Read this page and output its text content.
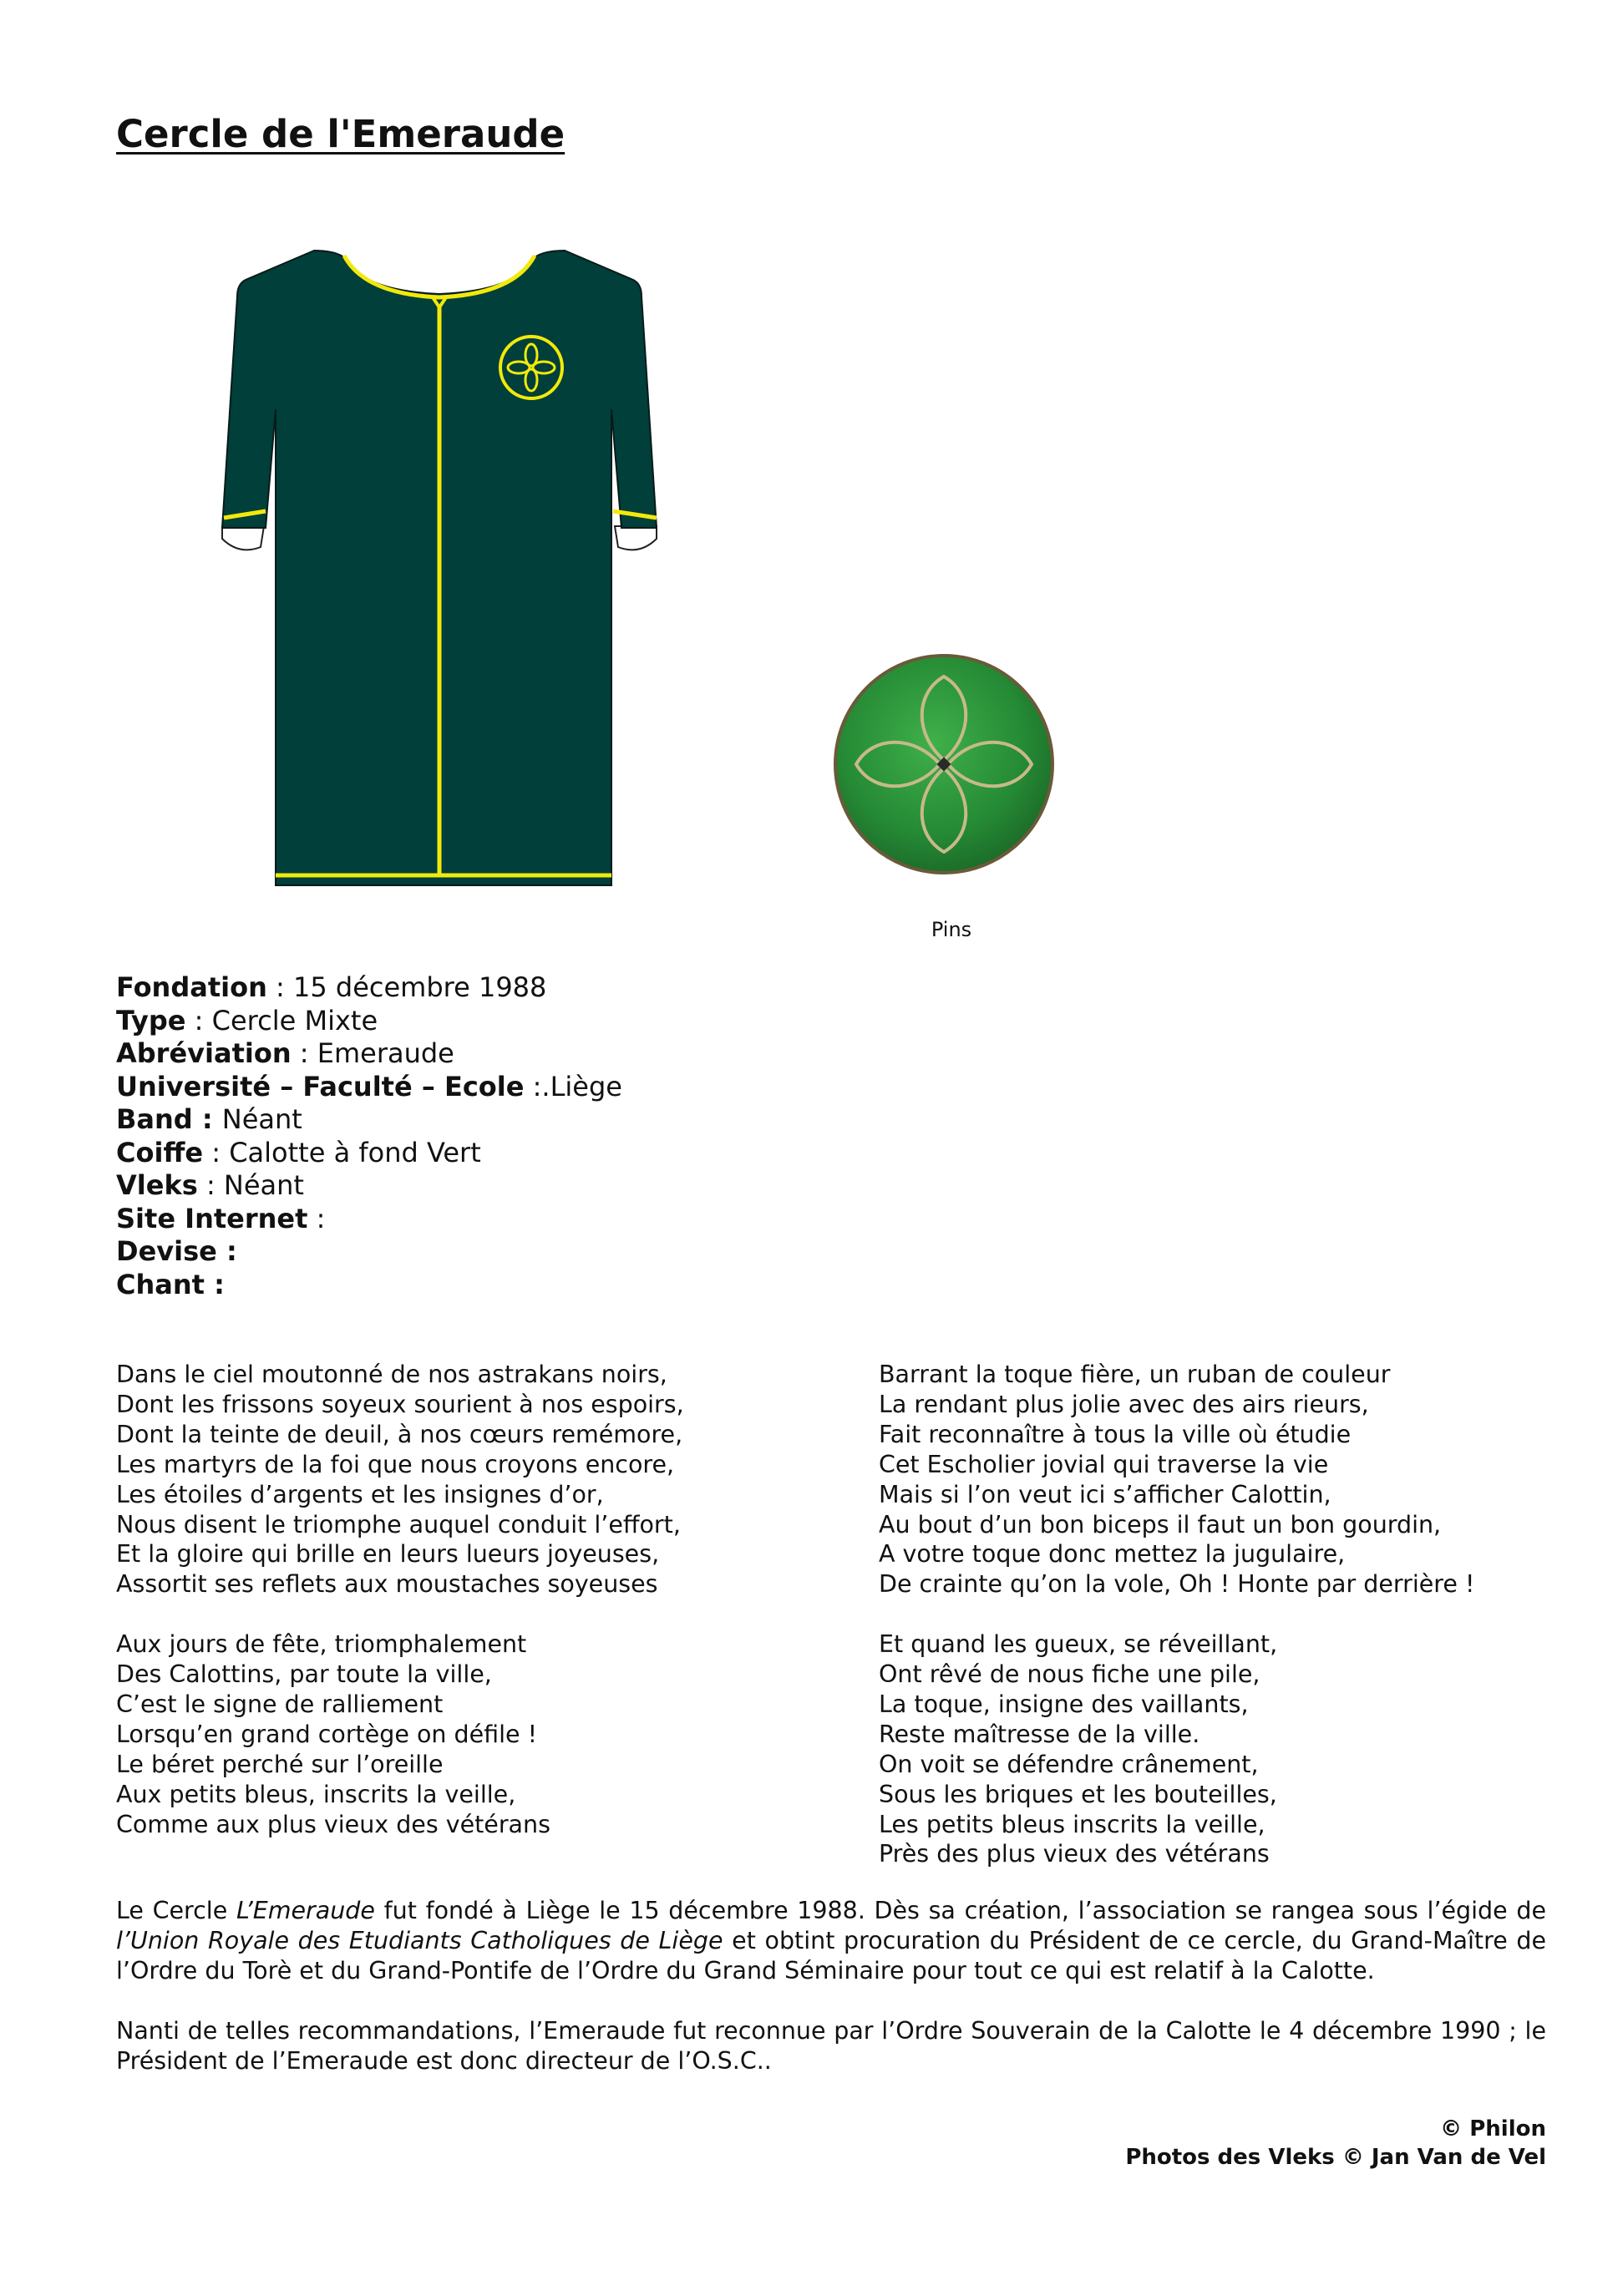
Cercle de l'Emeraude
Pins
Fondation : 15 décembre 1988
Type : Cercle Mixte
Abréviation : Emeraude
Université – Faculté – Ecole :.Liège
Band : Néant
Coiffe : Calotte à fond Vert
Vleks : Néant
Site Internet :
Devise :
Chant :
Dans le ciel moutonné de nos astrakans noirs,
Dont les frissons soyeux sourient à nos espoirs,
Dont la teinte de deuil, à nos cœurs remémore,
Les martyrs de la foi que nous croyons encore,
Les étoiles d’argents et les insignes d’or,
Nous disent le triomphe auquel conduit l’effort,
Et la gloire qui brille en leurs lueurs joyeuses,
Assortit ses reflets aux moustaches soyeuses
Aux jours de fête, triomphalement
Des Calottins, par toute la ville,
C’est le signe de ralliement
Lorsqu’en grand cortège on défile !
Le béret perché sur l’oreille
Aux petits bleus, inscrits la veille,
Comme aux plus vieux des vétérans
Barrant la toque fière, un ruban de couleur
La rendant plus jolie avec des airs rieurs,
Fait reconnaître à tous la ville où étudie
Cet Escholier jovial qui traverse la vie
Mais si l’on veut ici s’afficher Calottin,
Au bout d’un bon biceps il faut un bon gourdin,
A votre toque donc mettez la jugulaire,
De crainte qu’on la vole, Oh ! Honte par derrière !
Et quand les gueux, se réveillant,
Ont rêvé de nous fiche une pile,
La toque, insigne des vaillants,
Reste maîtresse de la ville.
On voit se défendre crânement,
Sous les briques et les bouteilles,
Les petits bleus inscrits la veille,
Près des plus vieux des vétérans

Le Cercle L’Emeraude fut fondé à Liège le 15 décembre 1988. Dès sa création, l’association se rangea sous l’égide de l’Union Royale des Etudiants Catholiques de Liège et obtint procuration du Président de ce cercle, du Grand-Maître de l’Ordre du Torè et du Grand-Pontife de l’Ordre du Grand Séminaire pour tout ce qui est relatif à la Calotte.

Nanti de telles recommandations, l’Emeraude fut reconnue par l’Ordre Souverain de la Calotte le 4 décembre 1990 ; le Président de l’Emeraude est donc directeur de l’O.S.C..

© Philon
Photos des Vleks © Jan Van de Vel
